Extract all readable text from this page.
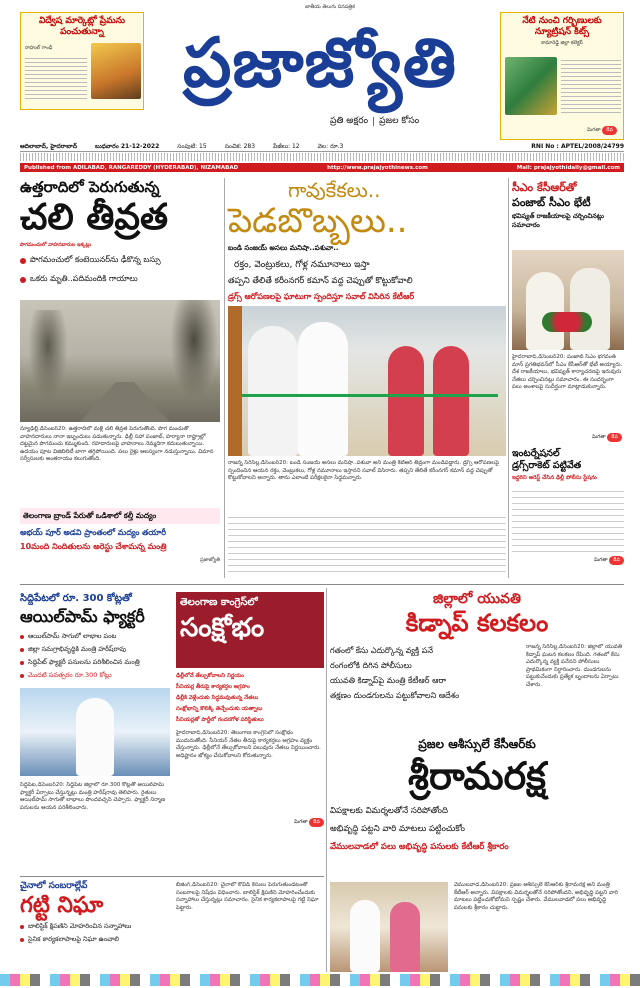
విద్వేష మార్కెట్లో ప్రేమను పంచుతున్నా
రాహుల్ గాంధీ	ప్రజాజ్యోతి
జాతీయ తెలుగు దినపత్రిక
ప్రతి అక్షరం | ప్రజల కోసం
నేటి నుంచి గర్భిణులకు న్యూట్రిషన్ కిట్స్
కామారెడ్డి జిల్లా కలెక్టర్
మిగతా 8వ
ఆదిలాబాద్, హైదరాబాద్	బుధవారం 21-12-2022	సంపుటి: 15	సంచిక: 283	పేజీలు: 12	వెల: రూ.3	RNI No : APTEL/2008/24799
Published from ADILABAD, RANGAREDDY (HYDERABAD), NIZAMABAD	http://www.prajajyothinews.com	Mail: prajajyothidaily@gmail.com
ఉత్తరాదిలో పెరుగుతున్న
చలి తీవ్రత
పొగమంచులో వాహనదారుల ఇక్కట్లు
పొగమంచులో కంటెయినర్‌ను ఢీకొన్న బస్సు
ఒకరు మృతి..పదిమందికి గాయాలు
న్యూఢిల్లీ,డిసెంబర్20: ఉత్తరాదిలో మళ్లీ చలి తీవ్రత పెరుగుతోంది. పొగ మంచుతో వాహనదారులు నానా ఇబ్బందులు పడుతున్నారు. ఢిల్లీ సహా పంజాబ్, హర్యానా రాష్ట్రాల్లో దట్టమైన పొగమంచు కమ్ముకుంది. రహదారులపై వాహనాలు నెమ్మదిగా కదులుతున్నాయి. ఉదయం పూట విజిబిలిటీ బాగా తగ్గిపోయింది. పలు రైళ్లు ఆలస్యంగా నడుస్తున్నాయి. విమాన సర్వీసులకు అంతరాయం కలుగుతోంది.
తెలంగాణ బ్రాండ్ పేరుతో ఒడిశాలో కల్తీ మద్యం
అభయ్ పూర్ అడవి ప్రాంతంలో మద్యం తయారీ
10మంది నిందితులను అరెస్టు చేశామన్న మంత్రి
ప్రజాజ్యోతి
గావుకేకలు..
పెడబొబ్బలు..
బండి సంజయ్ అసలు మనిషా..పశువా..
రక్తం, వెంట్రుకలు, గోళ్ల నమూనాలు ఇస్తా
తప్పని తేలితే కరీంనగర్ కమాన్ వద్ద చెప్పుతో కొట్టుకోవాలి
డ్రగ్స్ ఆరోపణలపై ఘాటుగా స్పందిస్తూ సవాల్ విసిరిన కేటీఆర్
రాజన్న సిరిసిల్ల,డిసెంబర్20: బండి సంజయ్ అసలు మనిషా..పశువా అని మంత్రి కేటీఆర్ తీవ్రంగా మండిపడ్డారు. డ్రగ్స్ ఆరోపణలపై స్పందించిన ఆయన రక్తం, వెంట్రుకలు, గోళ్ల నమూనాలు ఇస్తానని సవాల్ విసిరారు. తప్పని తేలితే కరీంనగర్ కమాన్ వద్ద చెప్పుతో కొట్టుకోవాలని అన్నారు. తాను ఎలాంటి పరీక్షలకైనా సిద్ధమన్నారు.
సీఎం కేసీఆర్‌తో
పంజాబ్ సీఎం భేటీ
భవిష్యత్ రాజకీయాలపై చర్చించినట్లు సమాచారం
హైదరాబాద్,డిసెంబర్20: పంజాబ్ సీఎం భగవంత్ మాన్ ప్రగతిభవన్‌లో సీఎం కేసీఆర్‌తో భేటీ అయ్యారు. దేశ రాజకీయాలు, భవిష్యత్ కార్యాచరణపై ఇరువురు నేతలు చర్చించినట్లు సమాచారం. ఈ సందర్భంగా పలు అంశాలపై సుదీర్ఘంగా మాట్లాడుకున్నారు.
మిగతా 8వ
ఇంటర్నేషనల్
డ్రగ్స్‌రాకెట్ పట్టివేత
ఇద్దరిని అరెస్ట్ చేసిన ఢిల్లీ పోలీసు స్టేషను
మిగతా 8వ
సిద్దిపేటలో రూ. 300 కోట్లతో
ఆయిల్‌పామ్ ఫ్యాక్టరీ
ఆయిల్‌పామ్ సాగులో లాభాల పంట
జిల్లా సమగ్రాభివృద్ధికి మంత్రి హరీష్‌రావు
సిద్దిపేట్ ఫ్యాక్టరీ పనులను పరిశీలించిన మంత్రి
మొదటి సవత్సరం రూ.300 కోట్లు
సిద్దిపేట,డిసెంబర్20: సిద్దిపేట జిల్లాలో రూ.300 కోట్లతో ఆయిల్‌పామ్ ఫ్యాక్టరీ ఏర్పాటు చేస్తున్నట్లు మంత్రి హరీష్‌రావు తెలిపారు. రైతులు ఆయిల్‌పామ్ సాగుతో లాభాలు పొందవచ్చని చెప్పారు. ఫ్యాక్టరీ నిర్మాణ పనులను ఆయన పరిశీలించారు.
తెలంగాణ కాంగ్రెస్‌లో
సంక్షోభం
ఢిల్లీలోనే తేల్చుకోవాలని నిర్ణయం
సీనియర్ల తీరుపై కార్యకర్తల ఆగ్రహం
ఢిల్లీకి వెళ్లేందుకు సిద్ధమవుతున్న నేతలు
సంక్షోభాన్ని కొలిక్కి తెచ్చేందుకు యత్నాలు
సీనియర్లతో పార్టీలో గందరగోళ పరిస్థితులు
హైదరాబాద్,డిసెంబర్20: తెలంగాణ కాంగ్రెస్‌లో సంక్షోభం ముదురుతోంది. సీనియర్ నేతల తీరుపై కార్యకర్తలు ఆగ్రహం వ్యక్తం చేస్తున్నారు. ఢిల్లీలోనే తేల్చుకోవాలని పలువురు నేతలు నిర్ణయించారు. అధిష్టానం జోక్యం చేసుకోవాలని కోరుతున్నారు.
మిగతా 8వ
జిల్లాలో యువతి
కిడ్నాప్ కలకలం
గతంలో కేసు ఎదుర్కొన్న వ్యక్తి పనే
రంగంలోకి దిగిన పోలీసులు
యువతి కిడ్నాప్‌పై మంత్రి కేటీఆర్ ఆరా
తక్షణం దుండగులను పట్టుకోవాలని ఆదేశం
రాజన్న సిరిసిల్ల,డిసెంబర్20: జిల్లాలో యువతి కిడ్నాప్ ఘటన కలకలం రేపింది. గతంలో కేసు ఎదుర్కొన్న వ్యక్తి పనేనని పోలీసులు ప్రాథమికంగా నిర్ధారించారు. దుండగులను పట్టుకునేందుకు ప్రత్యేక బృందాలను ఏర్పాటు చేశారు.
ప్రజల ఆశీస్సులే కేసీఆర్‌కు
శ్రీరామరక్ష
విపక్షాలకు విమర్శలతోనే సరిపోతోంది
అభివృద్ధి పట్టని వారి మాటలు పట్టించుకోం
వేములవాడలో పలు అభివృద్ధి పనులకు కేటీఆర్ శ్రీకారం
వేములవాడ,డిసెంబర్20: ప్రజల ఆశీస్సులే కేసీఆర్‌కు శ్రీరామరక్ష అని మంత్రి కేటీఆర్ అన్నారు. విపక్షాలకు విమర్శలతోనే సరిపోతోందని, అభివృద్ధి పట్టని వారి మాటలు పట్టించుకోబోమని స్పష్టం చేశారు. వేములవాడలో పలు అభివృద్ధి పనులకు శ్రీకారం చుట్టారు.
చైనాలో సంబరాల్లేవ్
గట్టి నిఘా
బాలిస్టిక్ క్షిపణిని మోహరించిన సన్నాహాలు
సైనిక కార్యకలాపాలపై నిఘా ఉంచాలి
బీజింగ్,డిసెంబర్20: చైనాలో కొవిడ్ కేసులు పెరుగుతుండటంతో సంబరాలపై నిషేధం విధించారు. బాలిస్టిక్ క్షిపణిని మోహరించేందుకు సన్నాహాలు చేస్తున్నట్లు సమాచారం. సైనిక కార్యకలాపాలపై గట్టి నిఘా పెట్టారు.
